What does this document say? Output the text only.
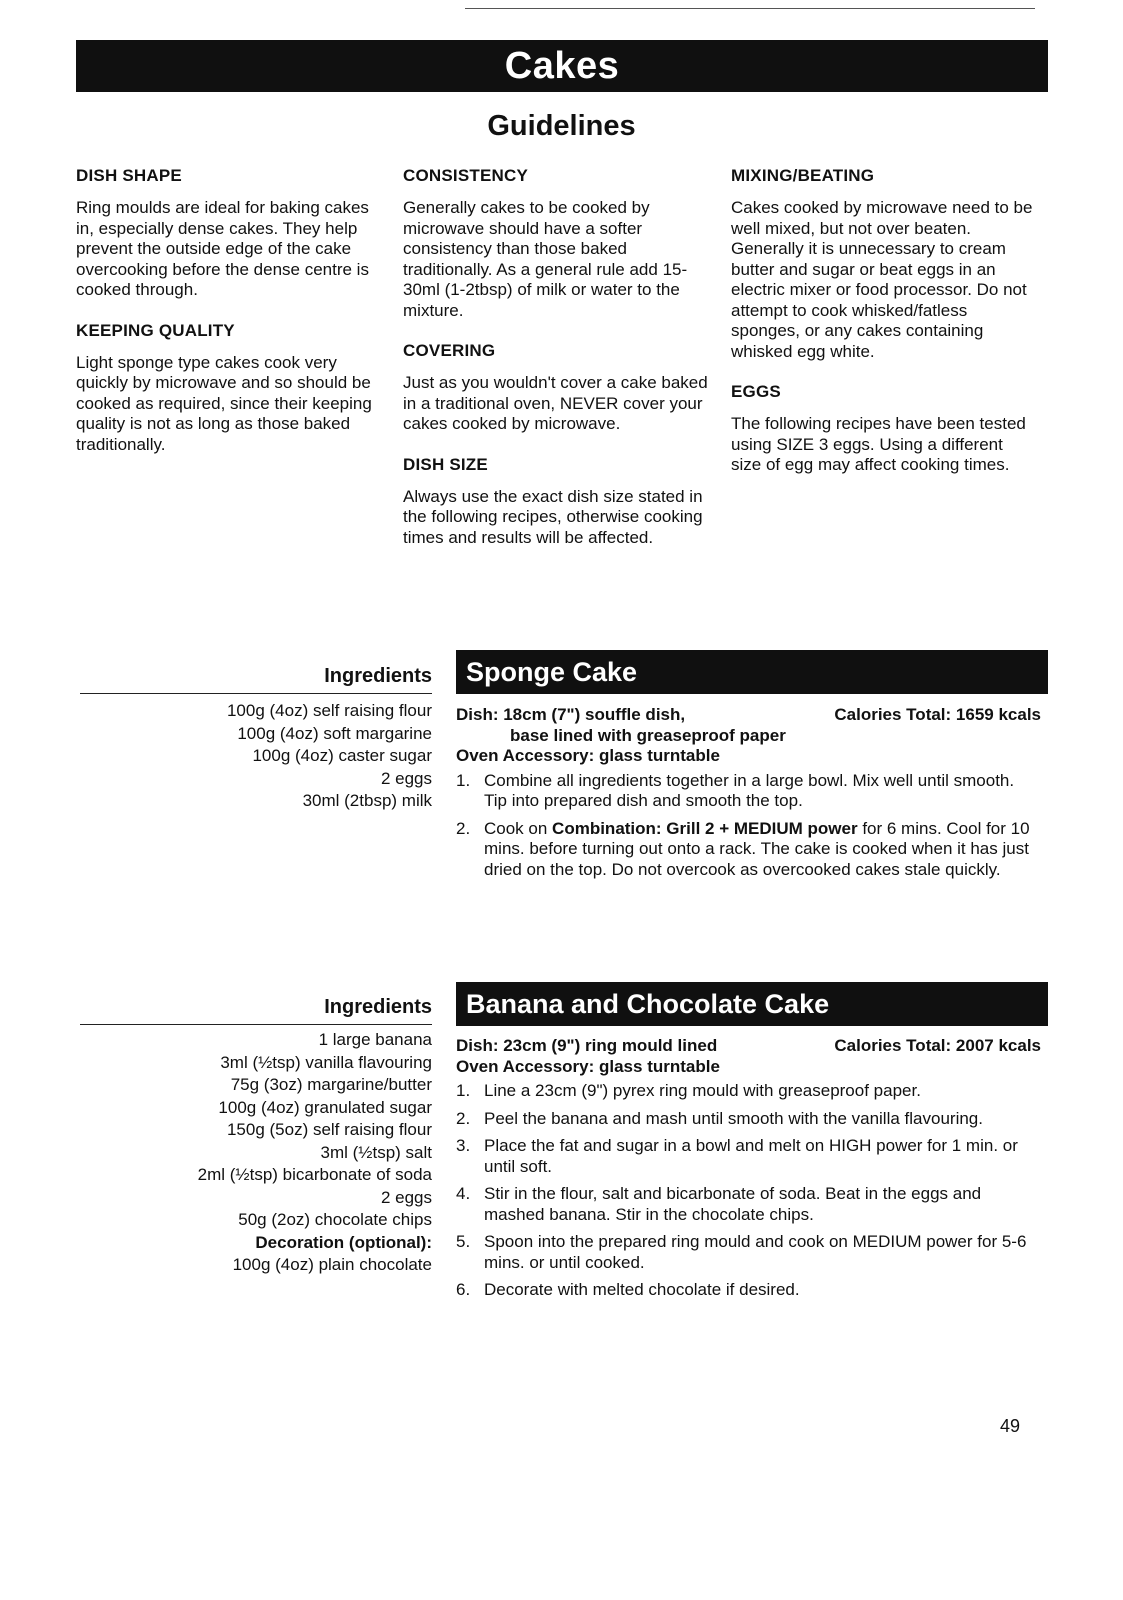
Cakes
Guidelines
DISH SHAPE

Ring moulds are ideal for baking cakes in, especially dense cakes. They help prevent the outside edge of the cake overcooking before the dense centre is cooked through.

KEEPING QUALITY

Light sponge type cakes cook very quickly by microwave and so should be cooked as required, since their keeping quality is not as long as those baked traditionally.

CONSISTENCY

Generally cakes to be cooked by microwave should have a softer consistency than those baked traditionally. As a general rule add 15-30ml (1-2tbsp) of milk or water to the mixture.

COVERING

Just as you wouldn't cover a cake baked in a traditional oven, NEVER cover your cakes cooked by microwave.

DISH SIZE

Always use the exact dish size stated in the following recipes, otherwise cooking times and results will be affected.

MIXING/BEATING

Cakes cooked by microwave need to be well mixed, but not over beaten. Generally it is unnecessary to cream butter and sugar or beat eggs in an electric mixer or food processor. Do not attempt to cook whisked/fatless sponges, or any cakes containing whisked egg white.

EGGS

The following recipes have been tested using SIZE 3 eggs. Using a different size of egg may affect cooking times.

Ingredients
100g (4oz) self raising flour
100g (4oz) soft margarine
100g (4oz) caster sugar
2 eggs
30ml (2tbsp) milk
Sponge Cake
Dish: 18cm (7") souffle dish,	Calories Total: 1659 kcals
base lined with greaseproof paper
Oven Accessory: glass turntable
1. Combine all ingredients together in a large bowl. Mix well until smooth. Tip into prepared dish and smooth the top.
2. Cook on Combination: Grill 2 + MEDIUM power for 6 mins. Cool for 10 mins. before turning out onto a rack. The cake is cooked when it has just dried on the top. Do not overcook as overcooked cakes stale quickly.
Ingredients
1 large banana
3ml (½tsp) vanilla flavouring
75g (3oz) margarine/butter
100g (4oz) granulated sugar
150g (5oz) self raising flour
3ml (½tsp) salt
2ml (½tsp) bicarbonate of soda
2 eggs
50g (2oz) chocolate chips
Decoration (optional):
100g (4oz) plain chocolate
Banana and Chocolate Cake
Dish: 23cm (9") ring mould lined	Calories Total: 2007 kcals
Oven Accessory: glass turntable
1. Line a 23cm (9") pyrex ring mould with greaseproof paper.
2. Peel the banana and mash until smooth with the vanilla flavouring.
3. Place the fat and sugar in a bowl and melt on HIGH power for 1 min. or until soft.
4. Stir in the flour, salt and bicarbonate of soda. Beat in the eggs and mashed banana. Stir in the chocolate chips.
5. Spoon into the prepared ring mould and cook on MEDIUM power for 5-6 mins. or until cooked.
6. Decorate with melted chocolate if desired.
49
